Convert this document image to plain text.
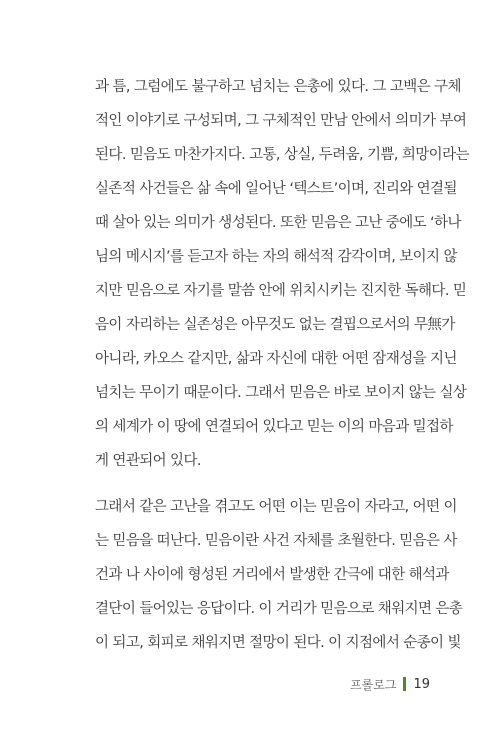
과 틈, 그럼에도 불구하고 넘치는 은총에 있다. 그 고백은 구체
적인 이야기로 구성되며, 그 구체적인 만남 안에서 의미가 부여
된다. 믿음도 마찬가지다. 고통, 상실, 두려움, 기쁨, 희망이라는
실존적 사건들은 삶 속에 일어난 ‘텍스트’이며, 진리와 연결될
때 살아 있는 의미가 생성된다. 또한 믿음은 고난 중에도 ‘하나
님의 메시지’를 듣고자 하는 자의 해석적 감각이며, 보이지 않
지만 믿음으로 자기를 말씀 안에 위치시키는 진지한 독해다. 믿
음이 자리하는 실존성은 아무것도 없는 결핍으로서의 무無가
아니라, 카오스 같지만, 삶과 자신에 대한 어떤 잠재성을 지닌
넘치는 무이기 때문이다. 그래서 믿음은 바로 보이지 않는 실상
의 세계가 이 땅에 연결되어 있다고 믿는 이의 마음과 밀접하
게 연관되어 있다.
그래서 같은 고난을 겪고도 어떤 이는 믿음이 자라고, 어떤 이
는 믿음을 떠난다. 믿음이란 사건 자체를 초월한다. 믿음은 사
건과 나 사이에 형성된 거리에서 발생한 간극에 대한 해석과
결단이 들어있는 응답이다. 이 거리가 믿음으로 채워지면 은총
이 되고, 회피로 채워지면 절망이 된다. 이 지점에서 순종이 빛
프롤로그 19
